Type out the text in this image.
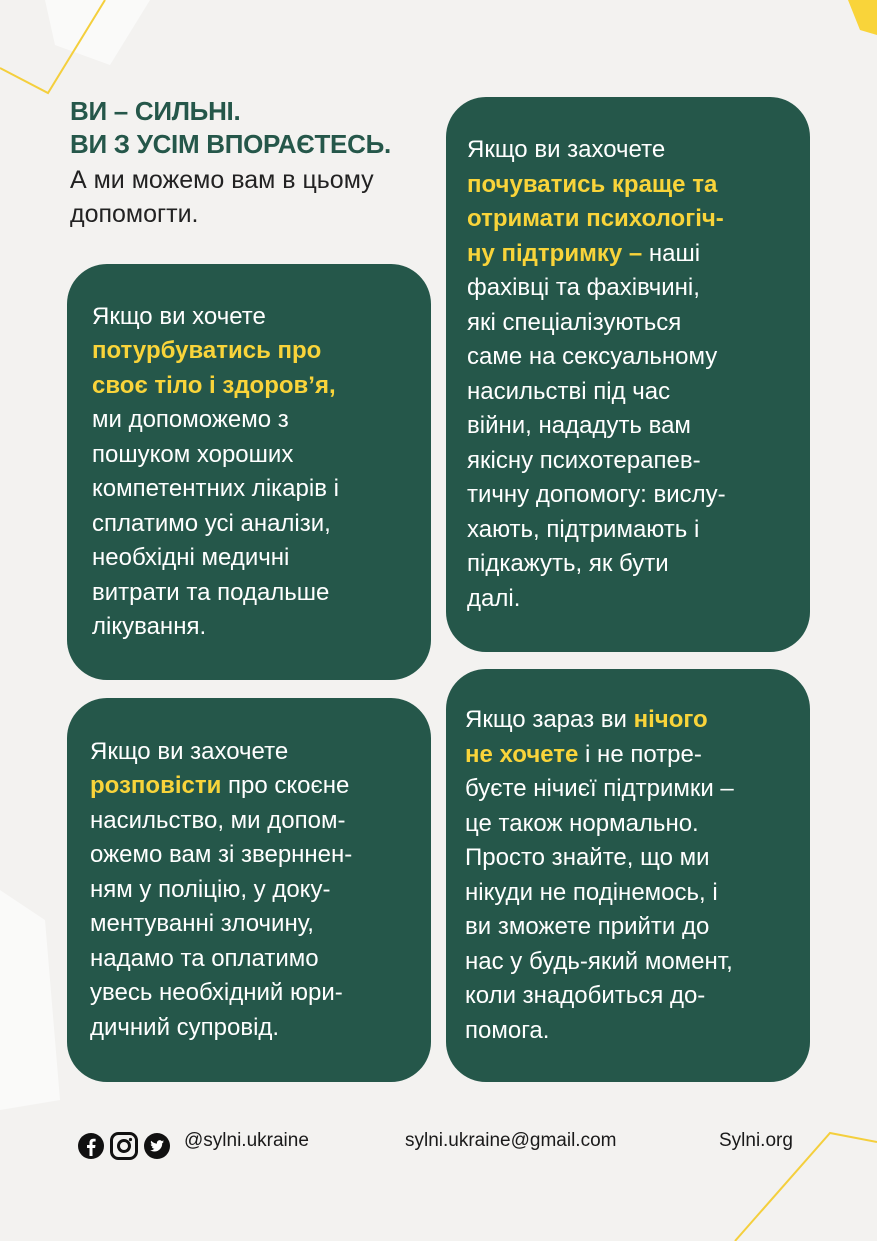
ВИ – СИЛЬНІ.
ВИ З УСІМ ВПОРАЄТЕСЬ.
А ми можемо вам в цьому
допомогти.
Якщо ви хочете
потурбуватись про
своє тіло і здоров’я,
ми допоможемо з
пошуком хороших
компетентних лікарів і
сплатимо усі аналізи,
необхідні медичні
витрати та подальше
лікування.
Якщо ви захочете
почуватись краще та
отримати психологіч-
ну підтримку – наші
фахівці та фахівчині,
які спеціалізуються
саме на сексуальному
насильстві під час
війни, нададуть вам
якісну психотерапев-
тичну допомогу: вислу-
хають, підтримають і
підкажуть, як бути
далі.
Якщо ви захочете
розповісти про скоєне
насильство, ми допом-
ожемо вам зі зверннен-
ням у поліцію, у доку-
ментуванні злочину,
надамо та оплатимо
увесь необхідний юри-
дичний супровід.
Якщо зараз ви нічого
не хочете і не потре-
буєте нічиєї підтримки –
це також нормально.
Просто знайте, що ми
нікуди не подінемось, і
ви зможете прийти до
нас у будь-який момент,
коли знадобиться до-
помога.
@sylni.ukraine	sylni.ukraine@gmail.com	Sylni.org
